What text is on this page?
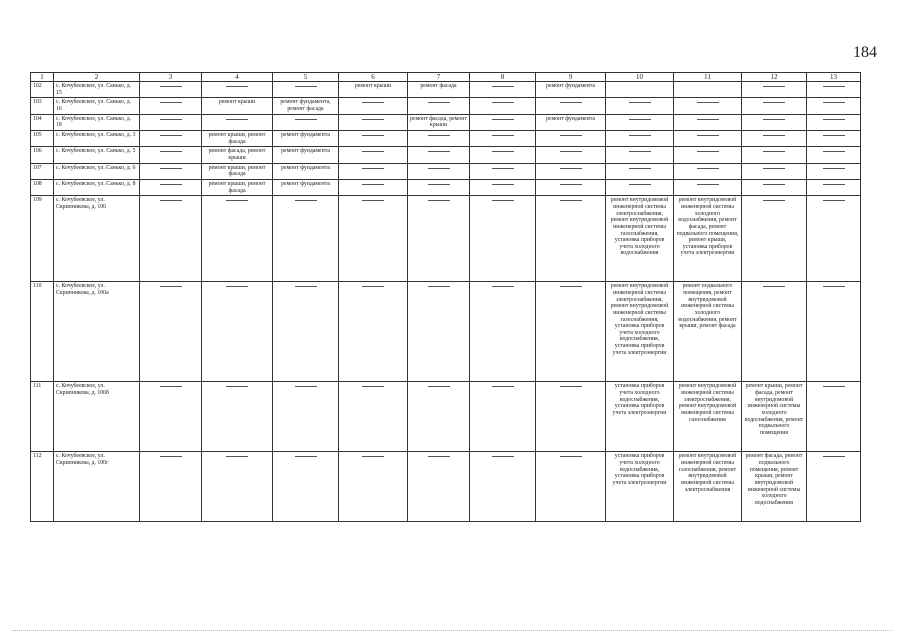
184
1	2	3	4	5	6	7	8	9	10	11	12	13
102	с. Кочубеевское, ул. Санько, д. 15				ремонт крыши	ремонт фасада		ремонт фундамента	

103	с. Кочубеевское, ул. Санько, д. 16		ремонт крыши	ремонт фундамента, ремонт фасада	

104	с. Кочубеевское, ул. Санько, д. 18					ремонт фасада, ремонт крыши		ремонт фундамента	

105	с. Кочубеевское, ул. Санько, д. 3		ремонт крыши, ремонт фасада	ремонт фундамента	

106	с. Кочубеевское, ул. Санько, д. 5		ремонт фасада, ремонт крыши	ремонт фундамента	

107	с. Кочубеевское, ул. Санько, д. 6		ремонт крыши, ремонт фасада	ремонт фундамента	

108	с. Кочубеевское, ул. Санько, д. 8		ремонт крыши, ремонт фасада	ремонт фундамента	

109	с. Кочубеевское, ул. Скрипникова, д. 100								ремонт внутридомовой инженерной системы электроснабжения, ремонт внутридомовой инженерной системы газоснабжения, установка приборов учета холодного водоснабжения	ремонт внутридомовой инженерной системы холодного водоснабжения, ремонт фасада, ремонт подвального помещения, ремонт крыши, установка приборов учета электроэнергии	

110	с. Кочубеевское, ул. Скрипникова, д. 100а								ремонт внутридомовой инженерной системы электроснабжения, ремонт внутридомовой инженерной системы газоснабжения, установка приборов учета холодного водоснабжения, установка приборов учета электроэнергии	ремонт подвального помещения, ремонт внутридомовой инженерной системы холодного водоснабжения, ремонт крыши, ремонт фасада	

111	с. Кочубеевское, ул. Скрипникова, д. 100б								установка приборов учета холодного водоснабжения, установка приборов учета электроэнергии	ремонт внутридомовой инженерной системы электроснабжения, ремонт внутридомовой инженерной системы газоснабжения	ремонт крыши, ремонт фасада, ремонт внутридомовой инженерной системы холодного водоснабжения, ремонт подвального помещения	

112	с. Кочубеевское, ул. Скрипникова, д. 100г								установка приборов учета холодного водоснабжения, установка приборов учета электроэнергии	ремонт внутридомовой инженерной системы газоснабжения, ремонт внутридомовой инженерной системы электроснабжения	ремонт фасада, ремонт подвального помещения, ремонт крыши, ремонт внутридомовой инженерной системы холодного водоснабжения	
